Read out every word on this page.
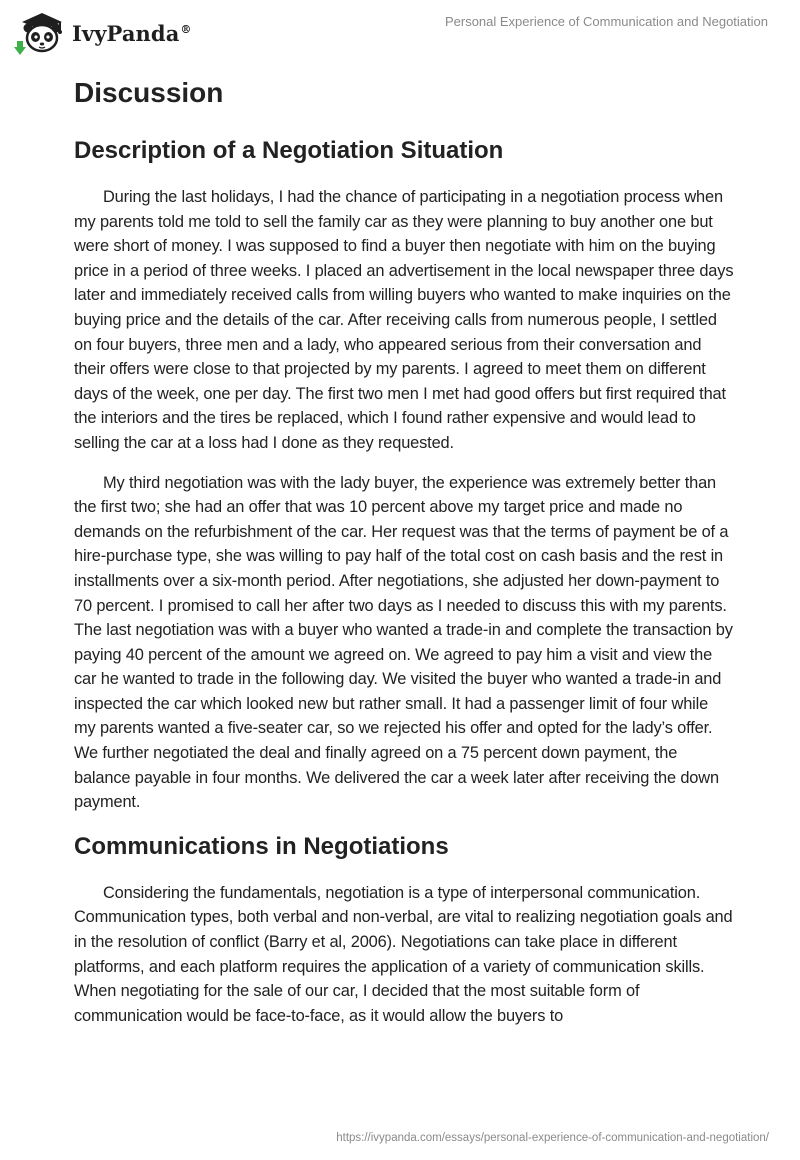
IvyPanda®	Personal Experience of Communication and Negotiation
Discussion
Description of a Negotiation Situation

During the last holidays, I had the chance of participating in a negotiation process when my parents told me told to sell the family car as they were planning to buy another one but were short of money. I was supposed to find a buyer then negotiate with him on the buying price in a period of three weeks. I placed an advertisement in the local newspaper three days later and immediately received calls from willing buyers who wanted to make inquiries on the buying price and the details of the car. After receiving calls from numerous people, I settled on four buyers, three men and a lady, who appeared serious from their conversation and their offers were close to that projected by my parents. I agreed to meet them on different days of the week, one per day. The first two men I met had good offers but first required that the interiors and the tires be replaced, which I found rather expensive and would lead to selling the car at a loss had I done as they requested.

My third negotiation was with the lady buyer, the experience was extremely better than the first two; she had an offer that was 10 percent above my target price and made no demands on the refurbishment of the car. Her request was that the terms of payment be of a hire-purchase type, she was willing to pay half of the total cost on cash basis and the rest in installments over a six-month period. After negotiations, she adjusted her down-payment to 70 percent. I promised to call her after two days as I needed to discuss this with my parents. The last negotiation was with a buyer who wanted a trade-in and complete the transaction by paying 40 percent of the amount we agreed on. We agreed to pay him a visit and view the car he wanted to trade in the following day. We visited the buyer who wanted a trade-in and inspected the car which looked new but rather small. It had a passenger limit of four while my parents wanted a five-seater car, so we rejected his offer and opted for the lady’s offer. We further negotiated the deal and finally agreed on a 75 percent down payment, the balance payable in four months. We delivered the car a week later after receiving the down payment.

Communications in Negotiations

Considering the fundamentals, negotiation is a type of interpersonal communication. Communication types, both verbal and non-verbal, are vital to realizing negotiation goals and in the resolution of conflict (Barry et al, 2006). Negotiations can take place in different platforms, and each platform requires the application of a variety of communication skills. When negotiating for the sale of our car, I decided that the most suitable form of communication would be face-to-face, as it would allow the buyers to

https://ivypanda.com/essays/personal-experience-of-communication-and-negotiation/
